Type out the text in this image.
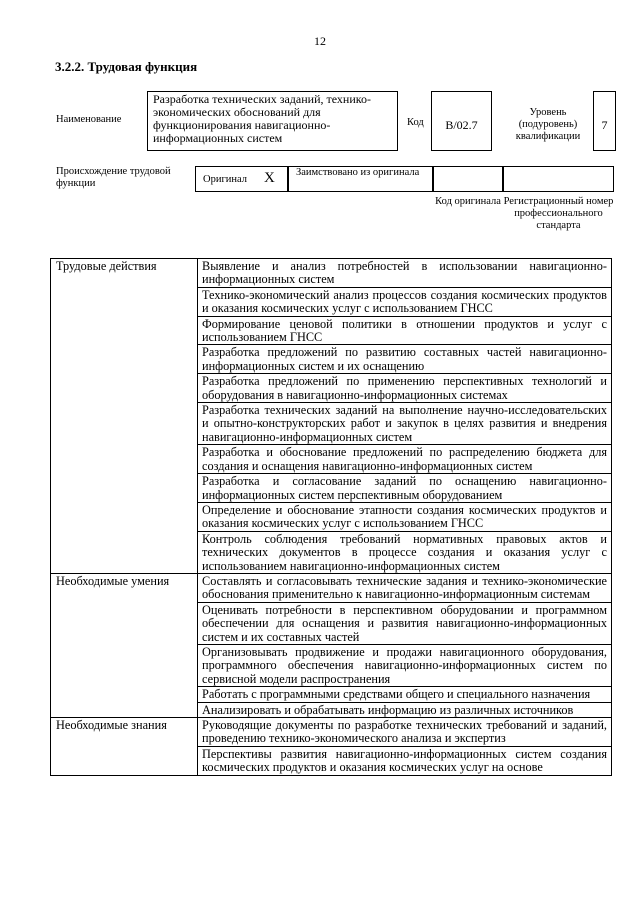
12
3.2.2. Трудовая функция
Наименование
Разработка технических заданий, технико-экономических обоснований для функционирования навигационно-информационных систем
Код	B/02.7
Уровень (подуровень) квалификации
7
Происхождение трудовой функции	Оригинал X Заимствовано из оригинала
Код оригинала Регистрационный номер профессионального стандарта
Трудовые действия	Выявление и анализ потребностей в использовании навигационно-информационных систем
	Технико-экономический анализ процессов создания космических продуктов и оказания космических услуг с использованием ГНСС
	Формирование ценовой политики в отношении продуктов и услуг с использованием ГНСС
	Разработка предложений по развитию составных частей навигационно-информационных систем и их оснащению
	Разработка предложений по применению перспективных технологий и оборудования в навигационно-информационных системах
	Разработка технических заданий на выполнение научно-исследовательских и опытно-конструкторских работ и закупок в целях развития и внедрения навигационно-информационных систем
	Разработка и обоснование предложений по распределению бюджета для создания и оснащения навигационно-информационных систем
	Разработка и согласование заданий по оснащению навигационно-информационных систем перспективным оборудованием
	Определение и обоснование этапности создания космических продуктов и оказания космических услуг с использованием ГНСС
	Контроль соблюдения требований нормативных правовых актов и технических документов в процессе создания и оказания услуг с использованием навигационно-информационных систем
Необходимые умения	Составлять и согласовывать технические задания и технико-экономические обоснования применительно к навигационно-информационным системам
	Оценивать потребности в перспективном оборудовании и программном обеспечении для оснащения и развития навигационно-информационных систем и их составных частей
	Организовывать продвижение и продажи навигационного оборудования, программного обеспечения навигационно-информационных систем по сервисной модели распространения
	Работать с программными средствами общего и специального назначения
	Анализировать и обрабатывать информацию из различных источников
Необходимые знания	Руководящие документы по разработке технических требований и заданий, проведению технико-экономического анализа и экспертиз
	Перспективы развития навигационно-информационных систем создания космических продуктов и оказания космических услуг на основе
